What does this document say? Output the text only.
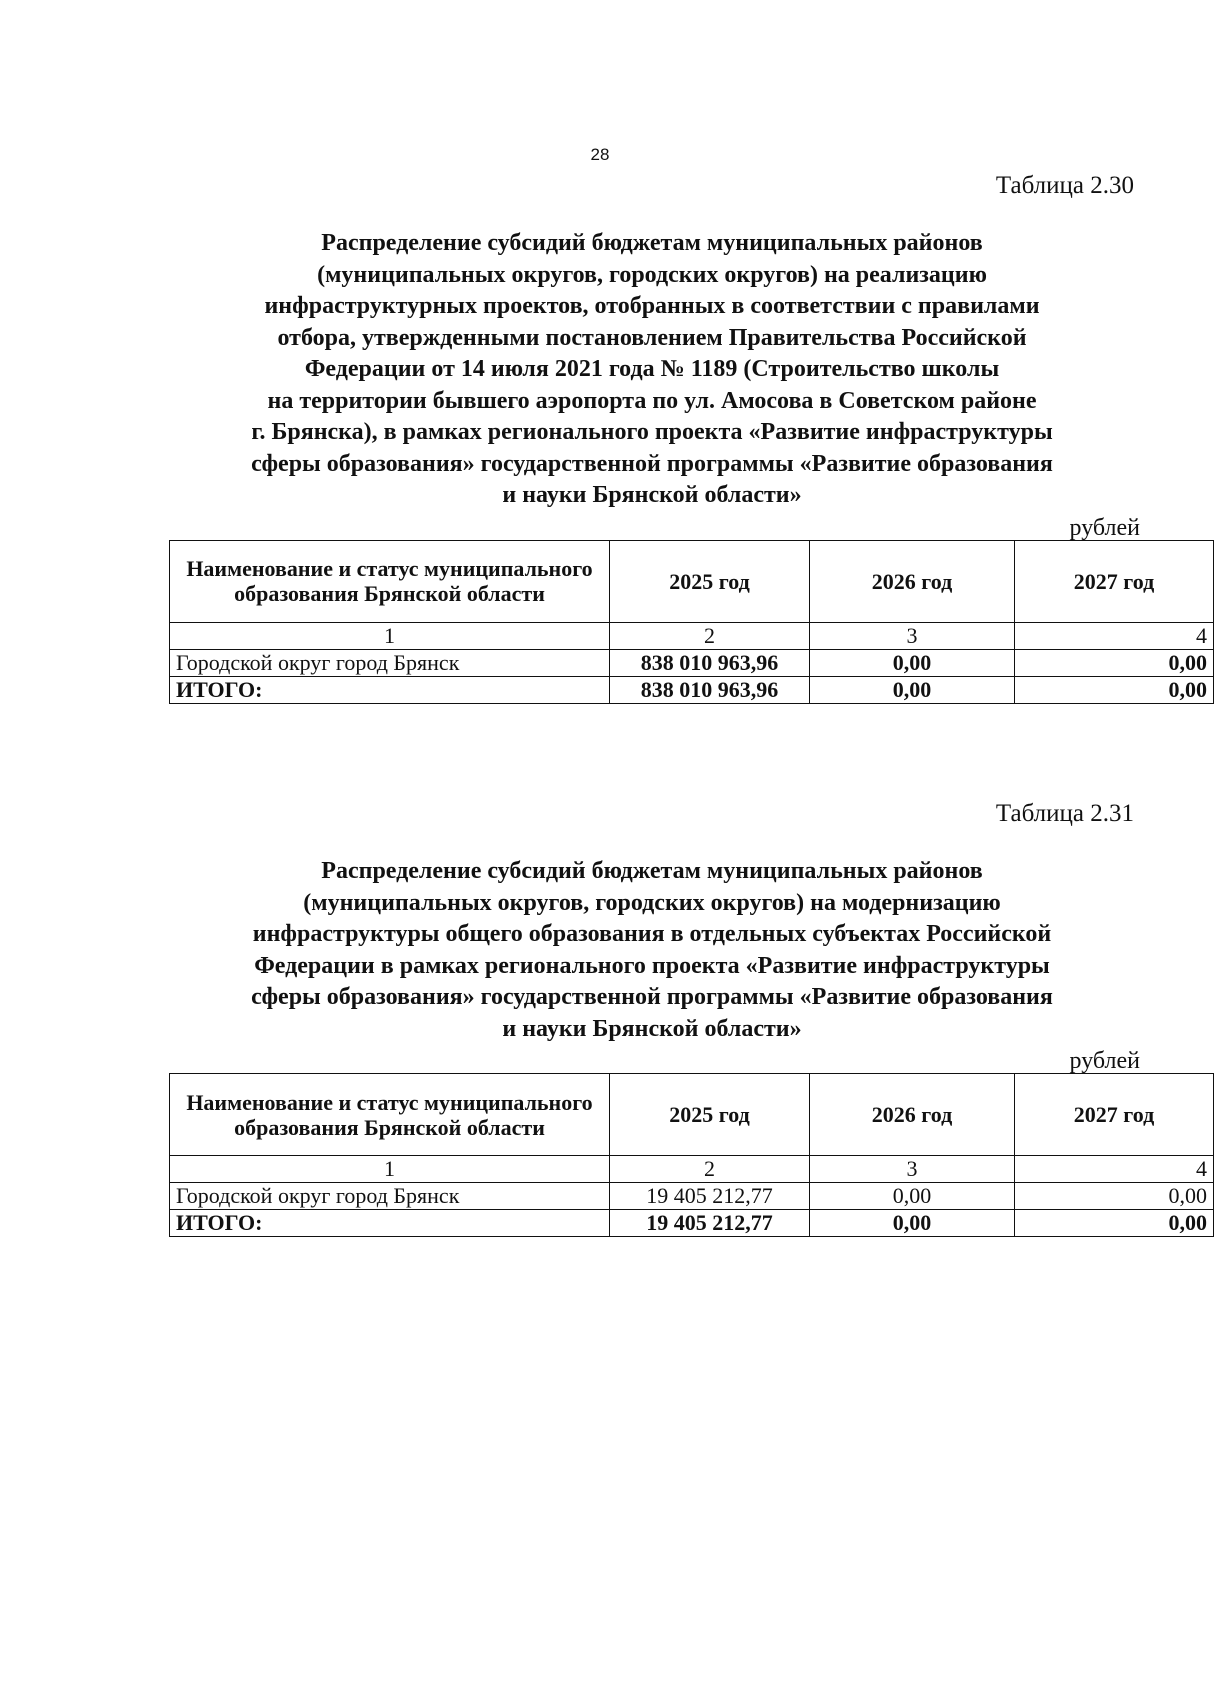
28
Таблица 2.30
Распределение субсидий бюджетам муниципальных районов
(муниципальных округов, городских округов) на реализацию
инфраструктурных проектов, отобранных в соответствии с правилами
отбора, утвержденными постановлением Правительства Российской
Федерации от 14 июля 2021 года № 1189 (Строительство школы
на территории бывшего аэропорта по ул. Амосова в Советском районе
г. Брянска), в рамках регионального проекта «Развитие инфраструктуры
сферы образования» государственной программы «Развитие образования
и науки Брянской области»
рублей
Наименование и статус муниципального образования Брянской области	2025 год	2026 год	2027 год
1	2	3	4
Городской округ город Брянск	838 010 963,96	0,00	0,00
ИТОГО:	838 010 963,96	0,00	0,00
Таблица 2.31
Распределение субсидий бюджетам муниципальных районов
(муниципальных округов, городских округов) на модернизацию
инфраструктуры общего образования в отдельных субъектах Российской
Федерации в рамках регионального проекта «Развитие инфраструктуры
сферы образования» государственной программы «Развитие образования
и науки Брянской области»
рублей
Наименование и статус муниципального образования Брянской области	2025 год	2026 год	2027 год
1	2	3	4
Городской округ город Брянск	19 405 212,77	0,00	0,00
ИТОГО:	19 405 212,77	0,00	0,00
